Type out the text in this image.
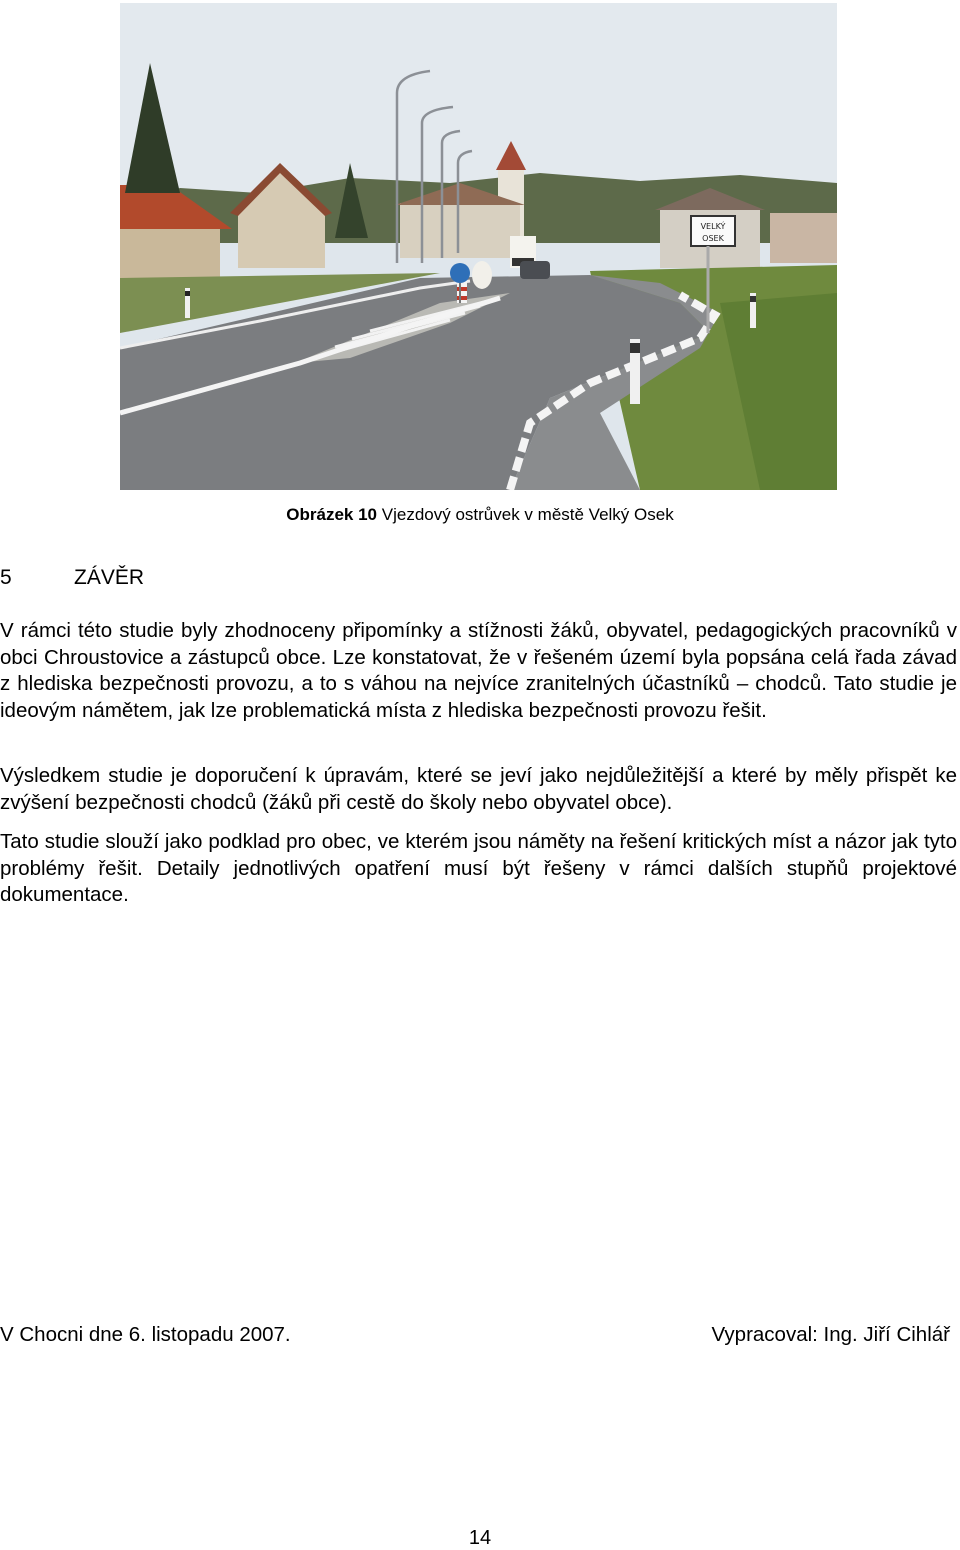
VELKÝ
OSEK
Obrázek 10 Vjezdový ostrůvek v městě Velký Osek
5	ZÁVĚR
V rámci této studie byly zhodnoceny připomínky a stížnosti žáků, obyvatel, pedagogických pracovníků v obci Chroustovice a zástupců obce. Lze konstatovat, že v řešeném území byla popsána celá řada závad z hlediska bezpečnosti provozu, a to s váhou na nejvíce zranitelných účastníků – chodců. Tato studie je ideovým námětem, jak lze problematická místa z hlediska bezpečnosti provozu řešit.
Výsledkem studie je doporučení k úpravám, které se jeví jako nejdůležitější a které by měly přispět ke zvýšení bezpečnosti chodců (žáků při cestě do školy nebo obyvatel obce).
Tato studie slouží jako podklad pro obec, ve kterém jsou náměty na řešení kritických míst a názor jak tyto problémy řešit. Detaily jednotlivých opatření musí být řešeny v rámci dalších stupňů projektové dokumentace.
V Chocni dne 6. listopadu 2007.	Vypracoval: Ing. Jiří Cihlář
14
